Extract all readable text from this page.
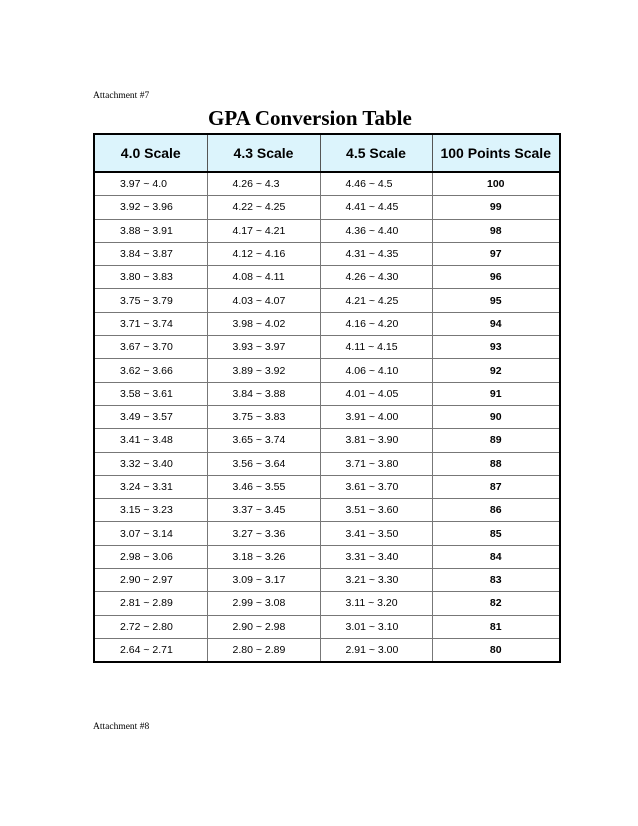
Attachment #7
GPA Conversion Table
4.0 Scale	4.3 Scale	4.5 Scale	100 Points Scale
3.97 ~ 4.0	4.26 ~ 4.3	4.46 ~ 4.5	100
3.92 ~ 3.96	4.22 ~ 4.25	4.41 ~ 4.45	99
3.88 ~ 3.91	4.17 ~ 4.21	4.36 ~ 4.40	98
3.84 ~ 3.87	4.12 ~ 4.16	4.31 ~ 4.35	97
3.80 ~ 3.83	4.08 ~ 4.11	4.26 ~ 4.30	96
3.75 ~ 3.79	4.03 ~ 4.07	4.21 ~ 4.25	95
3.71 ~ 3.74	3.98 ~ 4.02	4.16 ~ 4.20	94
3.67 ~ 3.70	3.93 ~ 3.97	4.11 ~ 4.15	93
3.62 ~ 3.66	3.89 ~ 3.92	4.06 ~ 4.10	92
3.58 ~ 3.61	3.84 ~ 3.88	4.01 ~ 4.05	91
3.49 ~ 3.57	3.75 ~ 3.83	3.91 ~ 4.00	90
3.41 ~ 3.48	3.65 ~ 3.74	3.81 ~ 3.90	89
3.32 ~ 3.40	3.56 ~ 3.64	3.71 ~ 3.80	88
3.24 ~ 3.31	3.46 ~ 3.55	3.61 ~ 3.70	87
3.15 ~ 3.23	3.37 ~ 3.45	3.51 ~ 3.60	86
3.07 ~ 3.14	3.27 ~ 3.36	3.41 ~ 3.50	85
2.98 ~ 3.06	3.18 ~ 3.26	3.31 ~ 3.40	84
2.90 ~ 2.97	3.09 ~ 3.17	3.21 ~ 3.30	83
2.81 ~ 2.89	2.99 ~ 3.08	3.11 ~ 3.20	82
2.72 ~ 2.80	2.90 ~ 2.98	3.01 ~ 3.10	81
2.64 ~ 2.71	2.80 ~ 2.89	2.91 ~ 3.00	80
Attachment #8
